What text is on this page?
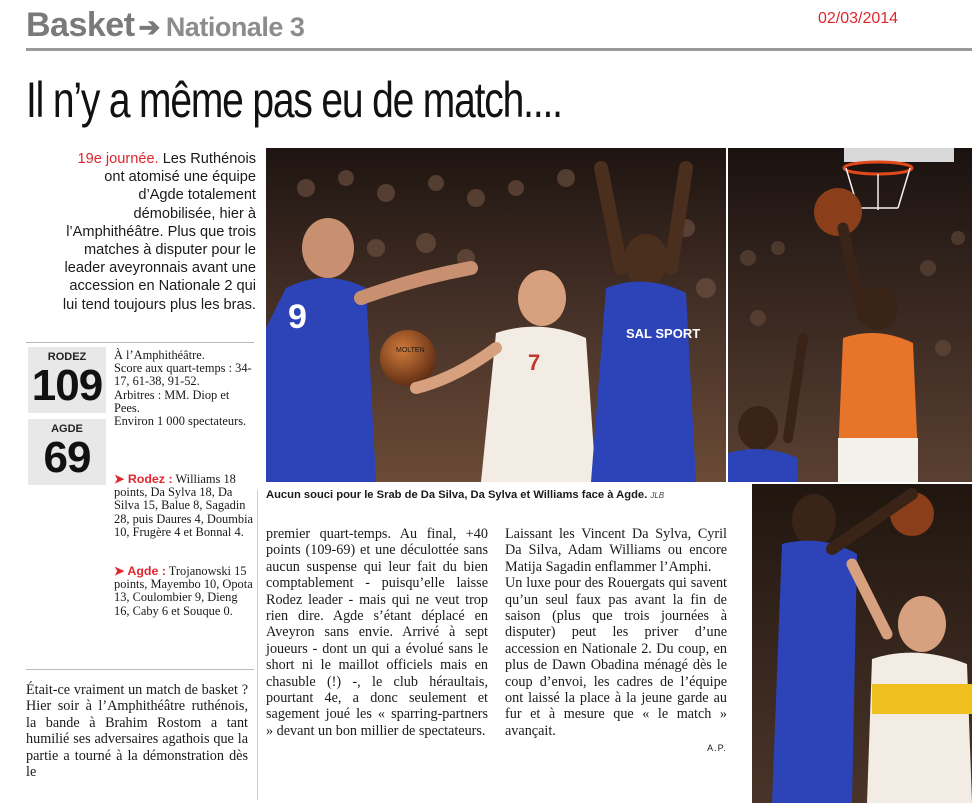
Basket ➔ Nationale 3	02/03/2014
Il n’y a même pas eu de match....
19e journée. Les Ruthénois ont atomisé une équipe d’Agde totalement démobilisée, hier à l’Amphithéâtre. Plus que trois matches à disputer pour le leader aveyronnais avant une accession en Nationale 2 qui lui tend toujours plus les bras.
RODEZ
109
AGDE
69

À l’Amphithéâtre.

Score aux quart-temps : 34-17, 61-38, 91-52.

Arbitres : MM. Diop et Pees.

Environ 1 000 spectateurs.

➤ Rodez : Williams 18 points, Da Sylva 18, Da Silva 15, Balue 8, Sagadin 28, puis Daures 4, Doumbia 10, Frugère 4 et Bonnal 4.
➤ Agde : Trojanowski 15 points, Mayembo 10, Opota 13, Coulombier 9, Dieng 16, Caby 6 et Souque 0.

Était-ce vraiment un match de basket ? Hier soir à l’Amphithéâtre ruthénois, la bande à Brahim Rostom a tant humilié ses adversaires agathois que la partie a tourné à la démonstration dès le

premier quart-temps. Au final, +40 points (109-69) et une déculottée sans aucun suspense qui leur fait du bien comptablement - puisqu’elle laisse Rodez leader - mais qui ne veut trop rien dire. Agde s’étant déplacé en Aveyron sans envie. Arrivé à sept joueurs - dont un qui a évolué sans le short ni le maillot officiels mais en chasuble (!) -, le club héraultais, pourtant 4e, a donc seulement et sagement joué les « sparring-partners » devant un bon millier de spectateurs.

Laissant les Vincent Da Sylva, Cyril Da Silva, Adam Williams ou encore Matija Sagadin enflammer l’Amphi.

Un luxe pour des Rouergats qui savent qu’un seul faux pas avant la fin de saison (plus que trois journées à disputer) peut les priver d’une accession en Nationale 2. Du coup, en plus de Dawn Obadina ménagé dès le coup d’envoi, les cadres de l’équipe ont laissé la place à la jeune garde au fur et à mesure que « le match » avançait.

A.P.
9
MOLTEN	7
SAL SPORT
Aucun souci pour le Srab de Da Silva, Da Sylva et Williams face à Agde. JLB
